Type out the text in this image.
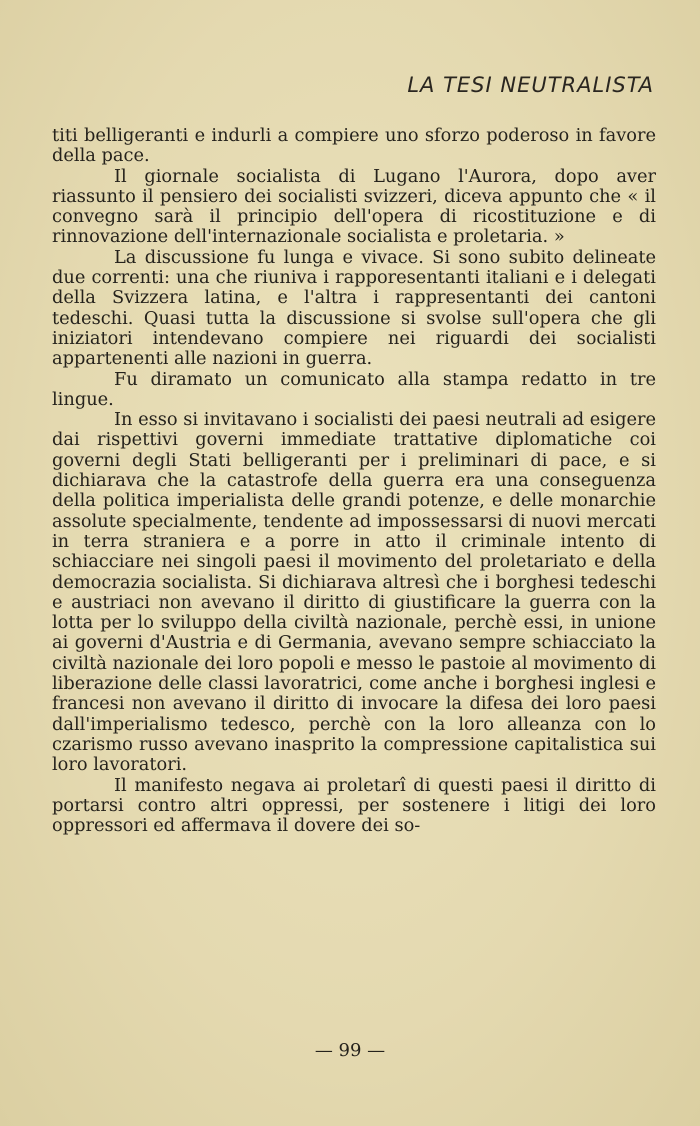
LA TESI NEUTRALISTA

titi belligeranti e indurli a compiere uno sforzo poderoso in favore della pace.

Il giornale socialista di Lugano l'Aurora, dopo aver riassunto il pensiero dei socialisti svizzeri, diceva appunto che « il convegno sarà il principio dell'opera di ricostituzione e di rinnovazione dell'internazionale socialista e proletaria. »

La discussione fu lunga e vivace. Si sono subito delineate due correnti: una che riuniva i rapporesentanti italiani e i delegati della Svizzera latina, e l'altra i rappresentanti dei cantoni tedeschi. Quasi tutta la discussione si svolse sull'opera che gli iniziatori intendevano compiere nei riguardi dei socialisti appartenenti alle nazioni in guerra.

Fu diramato un comunicato alla stampa redatto in tre lingue.

In esso si invitavano i socialisti dei paesi neutrali ad esigere dai rispettivi governi immediate trattative diplomatiche coi governi degli Stati belligeranti per i preliminari di pace, e si dichiarava che la catastrofe della guerra era una conseguenza della politica imperialista delle grandi potenze, e delle monarchie assolute specialmente, tendente ad impossessarsi di nuovi mercati in terra straniera e a porre in atto il criminale intento di schiacciare nei singoli paesi il movimento del proletariato e della democrazia socialista. Si dichiarava altresì che i borghesi tedeschi e austriaci non avevano il diritto di giustificare la guerra con la lotta per lo sviluppo della civiltà nazionale, perchè essi, in unione ai governi d'Austria e di Germania, avevano sempre schiacciato la civiltà nazionale dei loro popoli e messo le pastoie al movimento di liberazione delle classi lavoratrici, come anche i borghesi inglesi e francesi non avevano il diritto di invocare la difesa dei loro paesi dall'imperialismo tedesco, perchè con la loro alleanza con lo czarismo russo avevano inasprito la compressione capitalistica sui loro lavoratori.

Il manifesto negava ai proletarî di questi paesi il diritto di portarsi contro altri oppressi, per sostenere i litigi dei loro oppressori ed affermava il dovere dei so-

— 99 —
